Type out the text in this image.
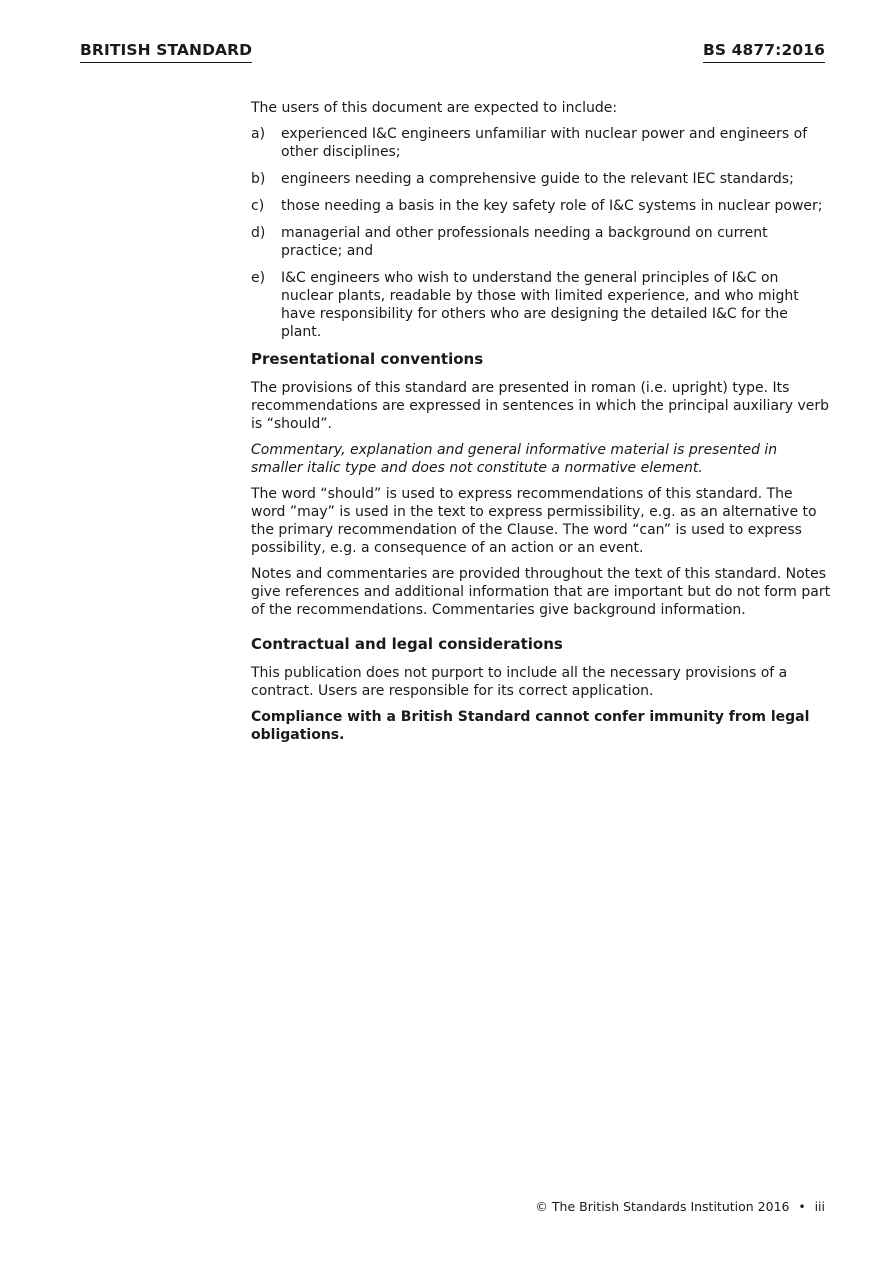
BRITISH STANDARD	BS 4877:2016

The users of this document are expected to include:

a)	experienced I&C engineers unfamiliar with nuclear power and engineers of other disciplines;
b)	engineers needing a comprehensive guide to the relevant IEC standards;
c)	those needing a basis in the key safety role of I&C systems in nuclear power;
d)	managerial and other professionals needing a background on current practice; and
e)	I&C engineers who wish to understand the general principles of I&C on nuclear plants, readable by those with limited experience, and who might have responsibility for others who are designing the detailed I&C for the plant.
Presentational conventions

The provisions of this standard are presented in roman (i.e. upright) type. Its recommendations are expressed in sentences in which the principal auxiliary verb is “should”.

Commentary, explanation and general informative material is presented in smaller italic type and does not constitute a normative element.

The word “should” is used to express recommendations of this standard. The word ”may” is used in the text to express permissibility, e.g. as an alternative to the primary recommendation of the Clause. The word “can” is used to express possibility, e.g. a consequence of an action or an event.

Notes and commentaries are provided throughout the text of this standard. Notes give references and additional information that are important but do not form part of the recommendations. Commentaries give background information.

Contractual and legal considerations

This publication does not purport to include all the necessary provisions of a contract. Users are responsible for its correct application.

Compliance with a British Standard cannot confer immunity from legal obligations.

© The British Standards Institution 2016 • iii
